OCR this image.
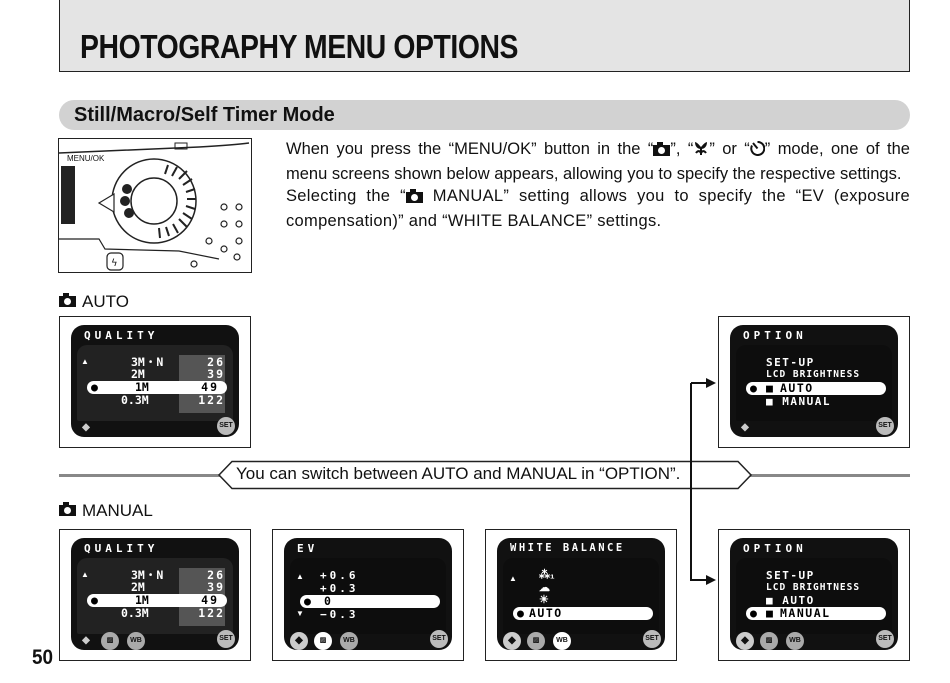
PHOTOGRAPHY MENU OPTIONS
Still/Macro/Self Timer Mode
MENU/OK
ϟ

When you press the “MENU/OK” button in the “ ”, “ ” or “ ” mode, one of the menu screens shown below appears, allowing you to specify the respective settings.

Selecting the “ MANUAL” setting allows you to specify the “EV (exposure compensation)” and “WHITE BALANCE” settings.

AUTO
QUALITY
▲	3M・N	26
2M	39
●	1M	49
0.3M	122
◆	SET
OPTION
SET-UP
LCD BRIGHTNESS
● ■ AUTO
■ MANUAL
◆	SET
You can switch between AUTO and MANUAL in “OPTION”.
MANUAL
QUALITY
▲	3M・N	26
2M	39
●	1M	49
0.3M	122
◆	▨	WB	SET
EV
▲
▼
+0.6
+0.3
● 0
−0.3
◆	▨	WB	SET
WHITE BALANCE
▲ ⁂₁
☁
☀
● AUTO
◆	▨	WB	SET
OPTION
SET-UP
LCD BRIGHTNESS
■ AUTO
● ■ MANUAL
◆	▨	WB	SET
50
